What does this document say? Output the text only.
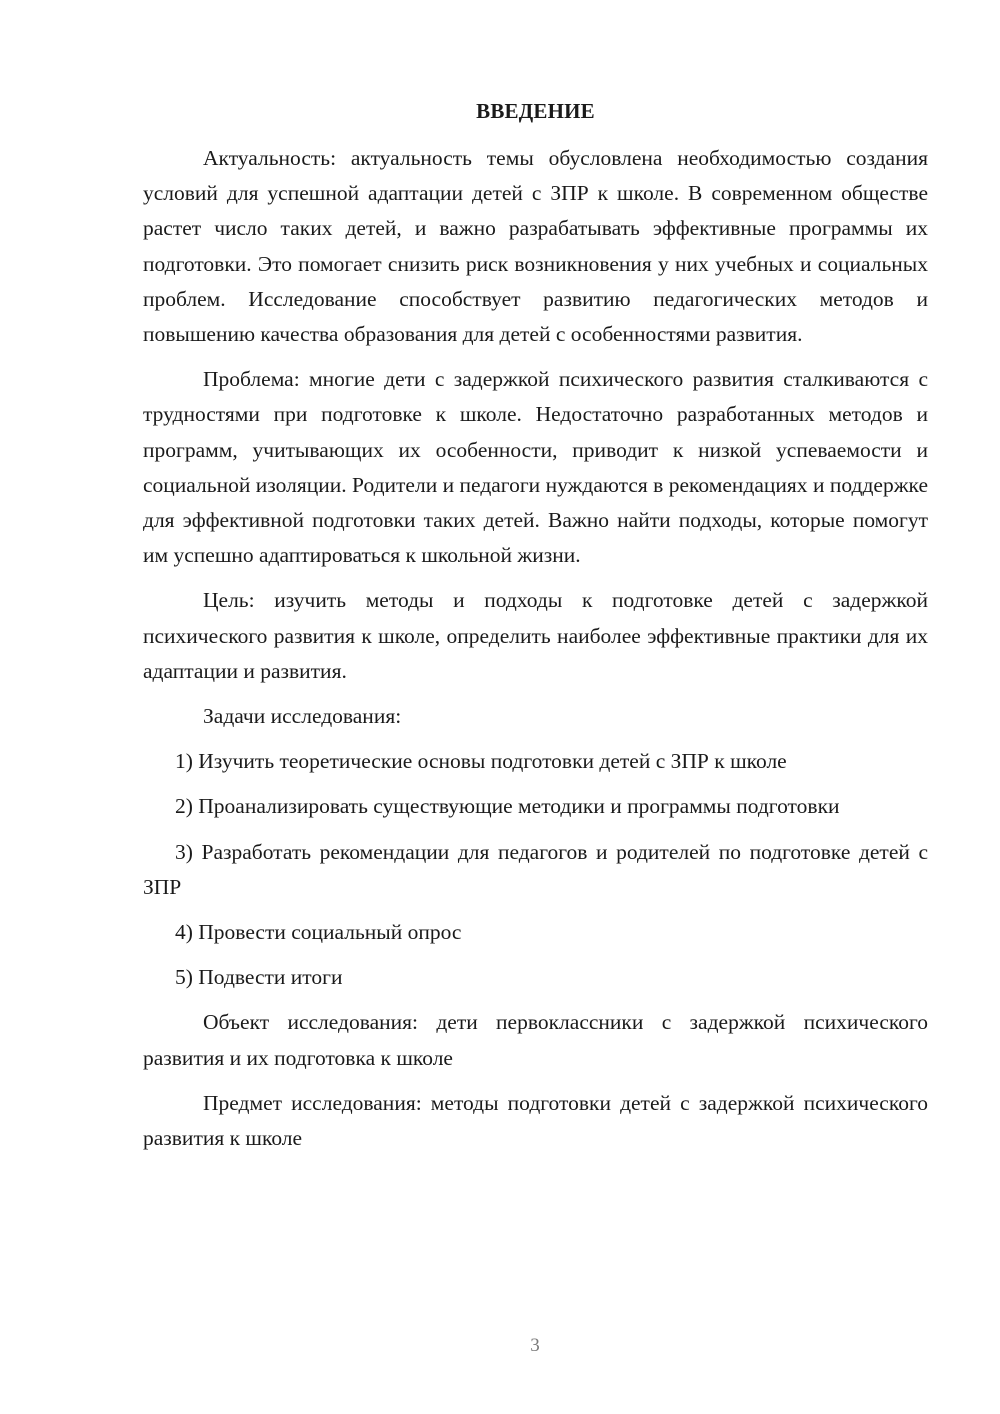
ВВЕДЕНИЕ

Актуальность: актуальность темы обусловлена необходимостью создания условий для успешной адаптации детей с ЗПР к школе. В современном обществе растет число таких детей, и важно разрабатывать эффективные программы их подготовки. Это помогает снизить риск возникновения у них учебных и социальных проблем. Исследование способствует развитию педагогических методов и повышению качества образования для детей с особенностями развития.

Проблема: многие дети с задержкой психического развития сталкиваются с трудностями при подготовке к школе. Недостаточно разработанных методов и программ, учитывающих их особенности, приводит к низкой успеваемости и социальной изоляции. Родители и педагоги нуждаются в рекомендациях и поддержке для эффективной подготовки таких детей. Важно найти подходы, которые помогут им успешно адаптироваться к школьной жизни.

Цель: изучить методы и подходы к подготовке детей с задержкой психического развития к школе, определить наиболее эффективные практики для их адаптации и развития.

Задачи исследования:

1) Изучить теоретические основы подготовки детей с ЗПР к школе

2) Проанализировать существующие методики и программы подготовки

3) Разработать рекомендации для педагогов и родителей по подготовке детей с ЗПР

4) Провести социальный опрос

5) Подвести итоги

Объект исследования: дети первоклассники с задержкой психического развития и их подготовка к школе

Предмет исследования: методы подготовки детей с задержкой психического развития к школе

3
